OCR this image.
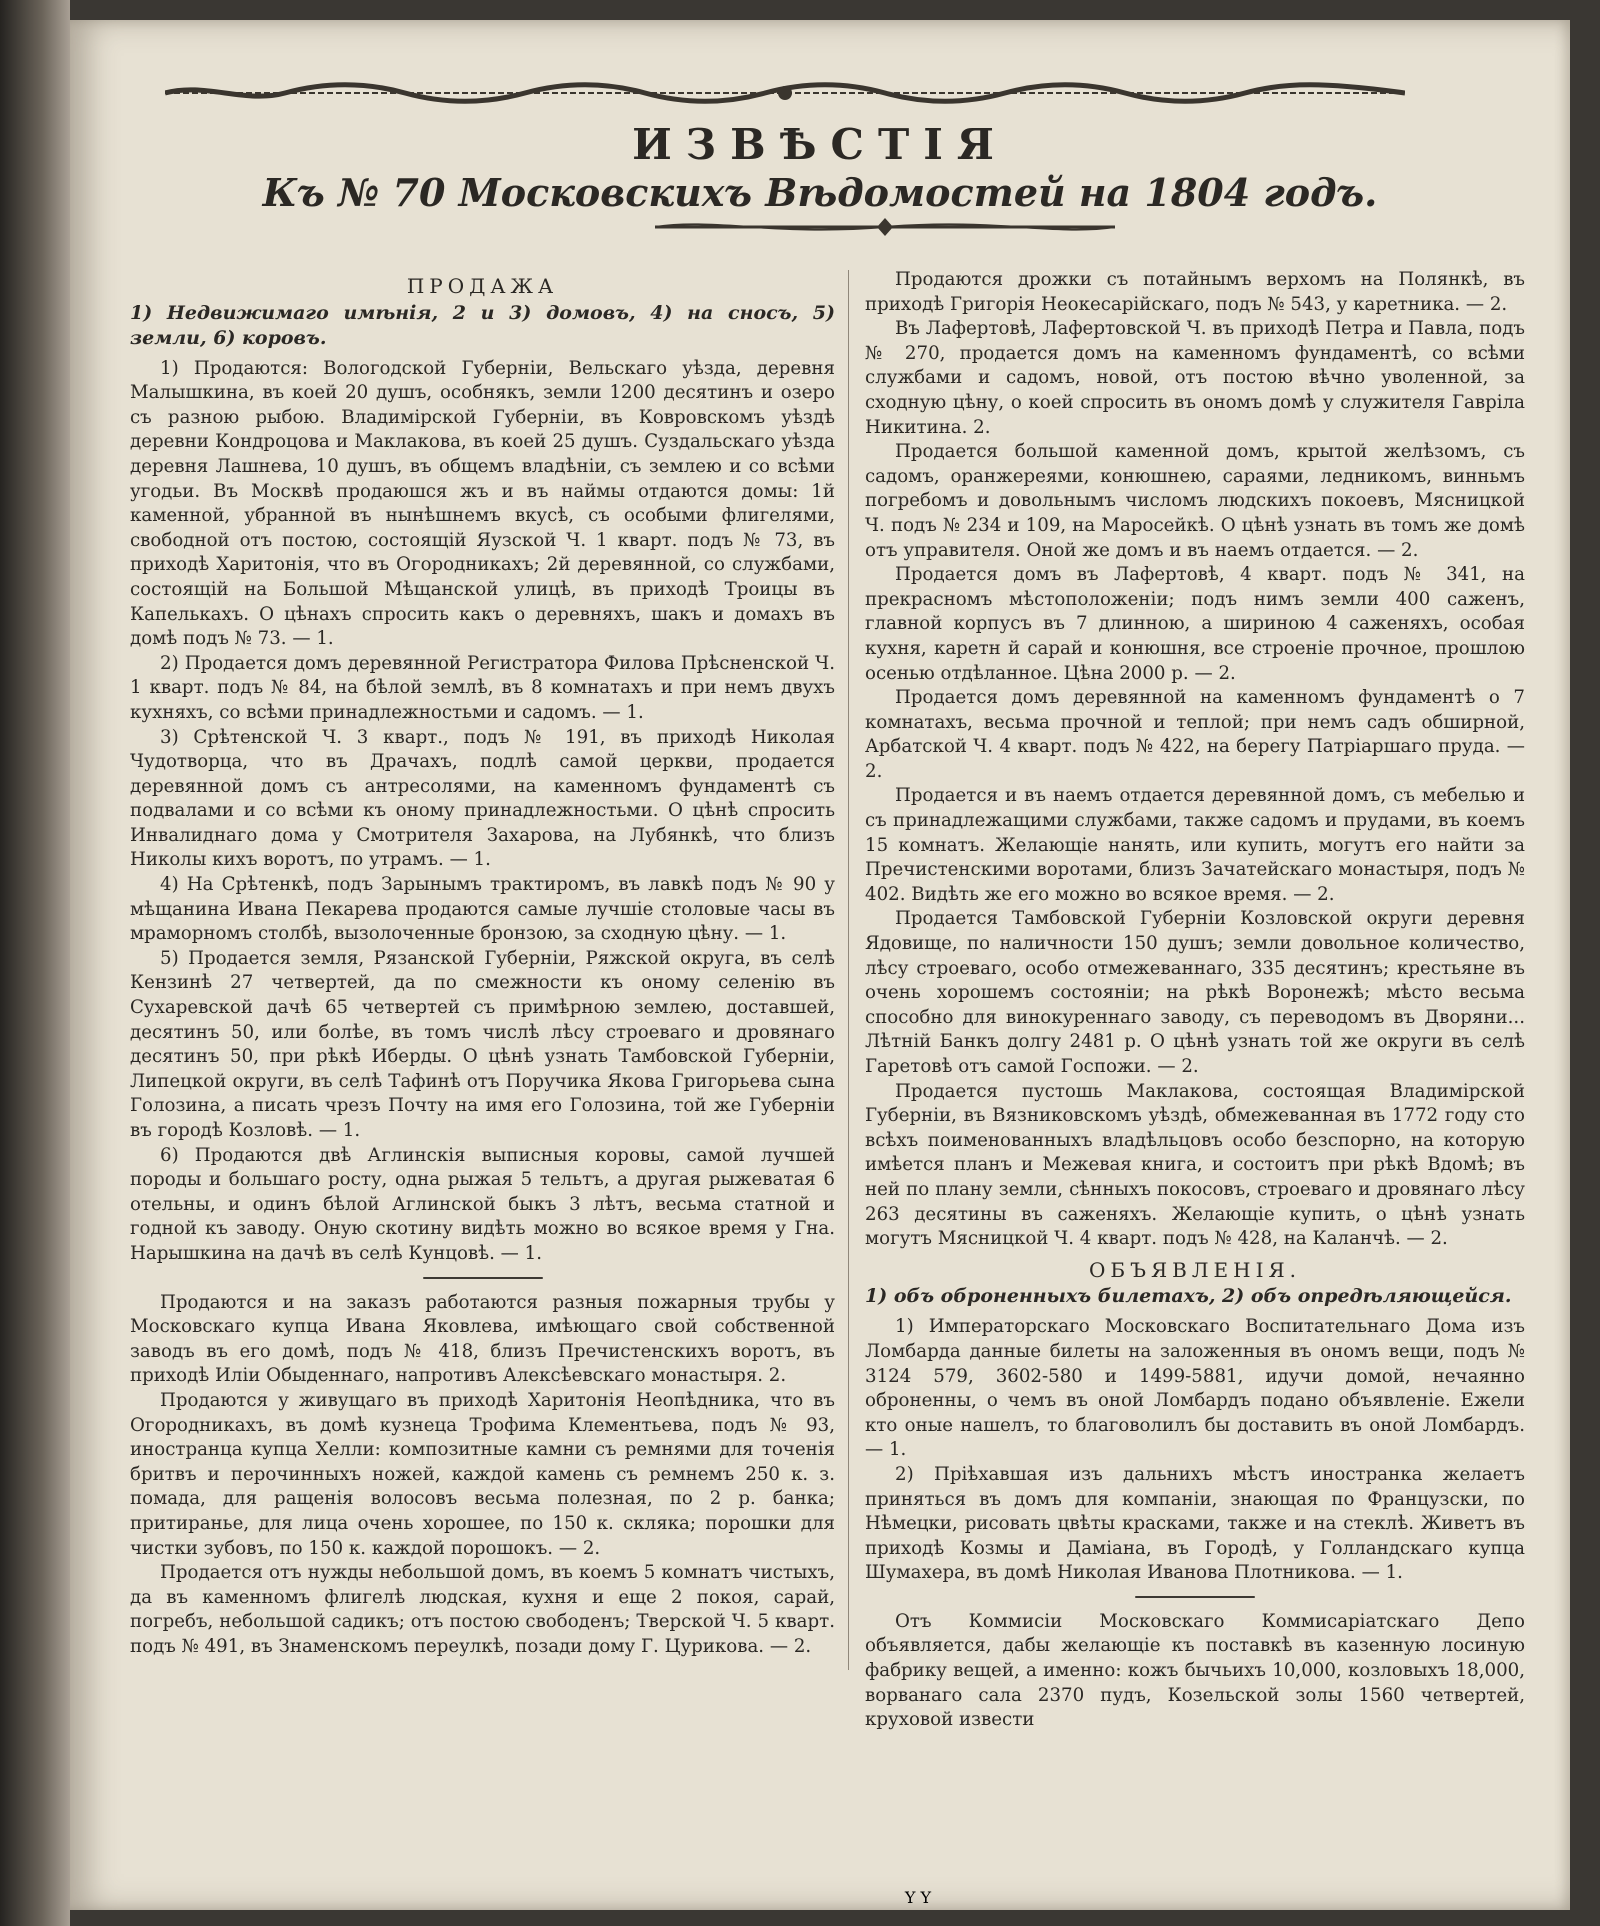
ИЗВѢСТІЯ
Къ № 70 Московскихъ Вѣдомостей на 1804 годъ.
ПРОДАЖА
1) Недвижимаго имѣнія, 2 и 3) домовъ, 4) на сносъ, 5) земли, 6) коровъ.

1) Продаются: Вологодской Губерніи, Вельскаго уѣзда, деревня Малышкина, въ коей 20 душъ, особнякъ, земли 1200 десятинъ и озеро съ разною рыбою. Владимірской Губерніи, въ Ковровскомъ уѣздѣ деревни Кондроцова и Маклакова, въ коей 25 душъ. Суздальскаго уѣзда деревня Лашнева, 10 душъ, въ общемъ владѣніи, съ землею и со всѣми угодьи. Въ Москвѣ продаюшся жъ и въ наймы отдаются домы: 1й каменной, убранной въ нынѣшнемъ вкусѣ, съ особыми флигелями, свободной отъ постою, состоящій Яузской Ч. 1 кварт. подъ № 73, въ приходѣ Харитонія, что въ Огородникахъ; 2й деревянной, со службами, состоящій на Большой Мѣщанской улицѣ, въ приходѣ Троицы въ Капелькахъ. О цѣнахъ спросить какъ о деревняхъ, шакъ и домахъ въ домѣ подъ № 73. — 1.

2) Продается домъ деревянной Регистратора Филова Прѣсненской Ч. 1 кварт. подъ № 84, на бѣлой землѣ, въ 8 комнатахъ и при немъ двухъ кухняхъ, со всѣми принадлежностьми и садомъ. — 1.

3) Срѣтенской Ч. 3 кварт., подъ № 191, въ приходѣ Николая Чудотворца, что въ Драчахъ, подлѣ самой церкви, продается деревянной домъ съ антресолями, на каменномъ фундаментѣ съ подвалами и со всѣми къ оному принадлежностьми. О цѣнѣ спросить Инвалиднаго дома у Смотрителя Захарова, на Лубянкѣ, что близъ Николы кихъ воротъ, по утрамъ. — 1.

4) На Срѣтенкѣ, подъ Зарынымъ трактиромъ, въ лавкѣ подъ № 90 у мѣщанина Ивана Пекарева продаются самые лучшіе столовые часы въ мраморномъ столбѣ, вызолоченные бронзою, за сходную цѣну. — 1.

5) Продается земля, Рязанской Губерніи, Ряжской округа, въ селѣ Кензинѣ 27 четвертей, да по смежности къ оному селенію въ Сухаревской дачѣ 65 четвертей съ примѣрною землею, доставшей, десятинъ 50, или болѣе, въ томъ числѣ лѣсу строеваго и дровянаго десятинъ 50, при рѣкѣ Иберды. О цѣнѣ узнать Тамбовской Губерніи, Липецкой округи, въ селѣ Тафинѣ отъ Поручика Якова Григорьева сына Голозина, а писать чрезъ Почту на имя его Голозина, той же Губерніи въ городѣ Козловѣ. — 1.

6) Продаются двѣ Аглинскія выписныя коровы, самой лучшей породы и большаго росту, одна рыжая 5 тельтъ, а другая рыжеватая 6 отельны, и одинъ бѣлой Аглинской быкъ 3 лѣтъ, весьма статной и годной къ заводу. Оную скотину видѣть можно во всякое время у Гна. Нарышкина на дачѣ въ селѣ Кунцовѣ. — 1.

Продаются и на заказъ работаются разныя пожарныя трубы у Московскаго купца Ивана Яковлева, имѣющаго свой собственной заводъ въ его домѣ, подъ № 418, близъ Пречистенскихъ воротъ, въ приходѣ Иліи Обыденнаго, напротивъ Алексѣевскаго монастыря. 2.

Продаются у живущаго въ приходѣ Харитонія Неопѣдника, что въ Огородникахъ, въ домѣ кузнеца Трофима Клементьева, подъ № 93, иностранца купца Хелли: композитные камни съ ремнями для точенія бритвъ и перочинныхъ ножей, каждой камень съ ремнемъ 250 к. з. помада, для ращенія волосовъ весьма полезная, по 2 р. банка; притиранье, для лица очень хорошее, по 150 к. скляка; порошки для чистки зубовъ, по 150 к. каждой порошокъ. — 2.

Продается отъ нужды небольшой домъ, въ коемъ 5 комнатъ чистыхъ, да въ каменномъ флигелѣ людская, кухня и еще 2 покоя, сарай, погребъ, небольшой садикъ; отъ постою свободенъ; Тверской Ч. 5 кварт. подъ № 491, въ Знаменскомъ переулкѣ, позади дому Г. Цурикова. — 2.

Продаются дрожки съ потайнымъ верхомъ на Полянкѣ, въ приходѣ Григорія Неокесарійскаго, подъ № 543, у каретника. — 2.

Въ Лафертовѣ, Лафертовской Ч. въ приходѣ Петра и Павла, подъ № 270, продается домъ на каменномъ фундаментѣ, со всѣми службами и садомъ, новой, отъ постою вѣчно уволенной, за сходную цѣну, о коей спросить въ ономъ домѣ у служителя Гавріла Никитина. 2.

Продается большой каменной домъ, крытой желѣзомъ, съ садомъ, оранжереями, конюшнею, сараями, ледникомъ, винньмъ погребомъ и довольнымъ числомъ людскихъ покоевъ, Мясницкой Ч. подъ № 234 и 109, на Маросейкѣ. О цѣнѣ узнать въ томъ же домѣ отъ управителя. Оной же домъ и въ наемъ отдается. — 2.

Продается домъ въ Лафертовѣ, 4 кварт. подъ № 341, на прекрасномъ мѣстоположеніи; подъ нимъ земли 400 саженъ, главной корпусъ въ 7 длинною, а шириною 4 саженяхъ, особая кухня, каретн й сарай и конюшня, все строеніе прочное, прошлою осенью отдѣланное. Цѣна 2000 р. — 2.

Продается домъ деревянной на каменномъ фундаментѣ о 7 комнатахъ, весьма прочной и теплой; при немъ садъ обширной, Арбатской Ч. 4 кварт. подъ № 422, на берегу Патріаршаго пруда. — 2.

Продается и въ наемъ отдается деревянной домъ, съ мебелью и съ принадлежащими службами, также садомъ и прудами, въ коемъ 15 комнатъ. Желающіе нанять, или купить, могутъ его найти за Пречистенскими воротами, близъ Зачатейскаго монастыря, подъ № 402. Видѣть же его можно во всякое время. — 2.

Продается Тамбовской Губерніи Козловской округи деревня Ядовище, по наличности 150 душъ; земли довольное количество, лѣсу строеваго, особо отмежеваннаго, 335 десятинъ; крестьяне въ очень хорошемъ состояніи; на рѣкѣ Воронежѣ; мѣсто весьма способно для винокуреннаго заводу, съ переводомъ въ Дворяни... Лѣтній Банкъ долгу 2481 р. О цѣнѣ узнать той же округи въ селѣ Гаретовѣ отъ самой Госпожи. — 2.

Продается пустошь Маклакова, состоящая Владимірской Губерніи, въ Вязниковскомъ уѣздѣ, обмежеванная въ 1772 году сто всѣхъ поименованныхъ владѣльцовъ особо безспорно, на которую имѣется планъ и Межевая книга, и состоитъ при рѣкѣ Вдомѣ; въ ней по плану земли, сѣнныхъ покосовъ, строеваго и дровянаго лѣсу 263 десятины въ саженяхъ. Желающіе купить, о цѣнѣ узнать могутъ Мясницкой Ч. 4 кварт. подъ № 428, на Каланчѣ. — 2.

ОБЪЯВЛЕНІЯ.
1) объ оброненныхъ билетахъ, 2) объ опредѣляющейся.

1) Императорскаго Московскаго Воспитательнаго Дома изъ Ломбарда данные билеты на заложенныя въ ономъ вещи, подъ № 3124 579, 3602-580 и 1499-5881, идучи домой, нечаянно оброненны, о чемъ въ оной Ломбардъ подано объявленіе. Ежели кто оные нашелъ, то благоволилъ бы доставить въ оной Ломбардъ. — 1.

2) Пріѣхавшая изъ дальнихъ мѣстъ иностранка желаетъ приняться въ домъ для компаніи, знающая по Французски, по Нѣмецки, рисовать цвѣты красками, также и на стеклѣ. Живетъ въ приходѣ Козмы и Даміана, въ Городѣ, у Голландскаго купца Шумахера, въ домѣ Николая Иванова Плотникова. — 1.

Отъ Коммисіи Московскаго Коммисаріатскаго Депо объявляется, дабы желающіе къ поставкѣ въ казенную лосиную фабрику вещей, а именно: кожъ бычьихъ 10,000, козловыхъ 18,000, ворванаго сала 2370 пудъ, Козельской золы 1560 четвертей, круховой извести

Y Y
